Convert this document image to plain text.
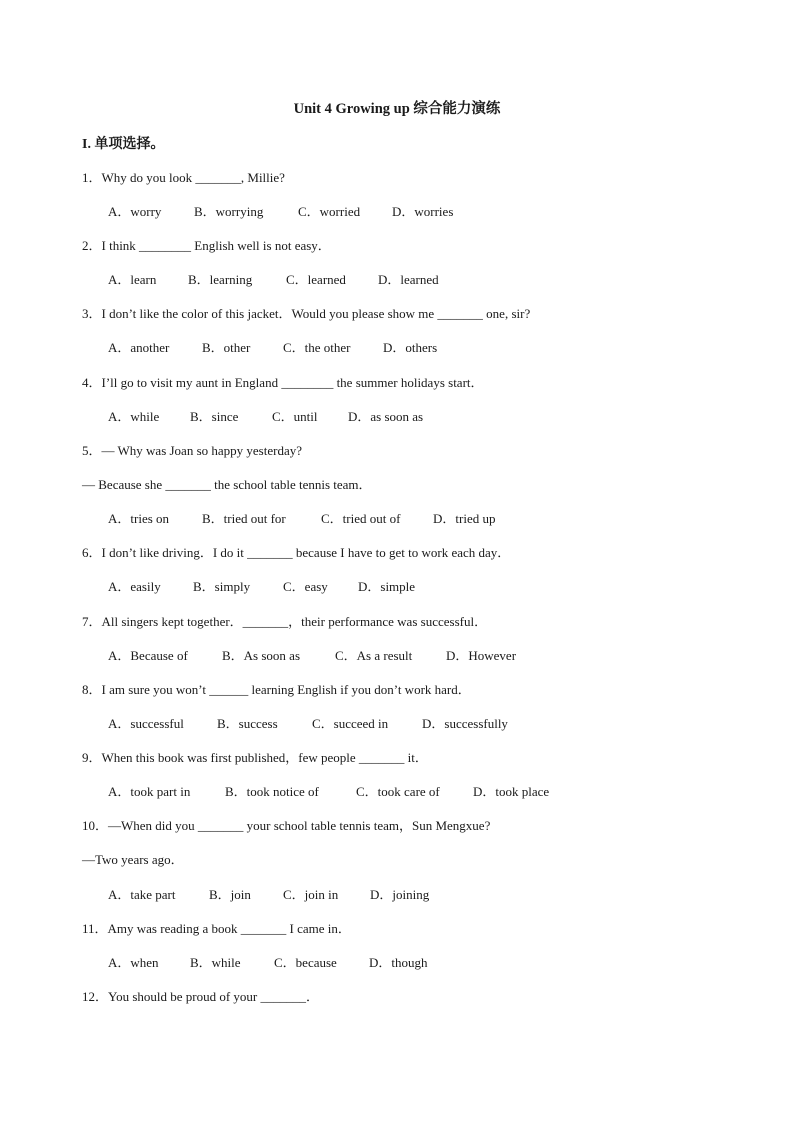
Unit 4 Growing up 综合能力演练
I. 单项选择。
1．Why do you look _______, Millie?
A．worry	B．worrying	C．worried	D．worries
2．I think ________ English well is not easy．
A．learn	B．learning	C．learned	D．learned
3．I don’t like the color of this jacket．Would you please show me _______ one, sir?
A．another	B．other	C．the other	D．others
4．I’ll go to visit my aunt in England ________ the summer holidays start．
A．while	B．since	C．until	D．as soon as
5．— Why was Joan so happy yesterday?
— Because she _______ the school table tennis team．
A．tries on	B．tried out for	C．tried out of	D．tried up
6．I don’t like driving．I do it _______ because I have to get to work each day．
A．easily	B．simply	C．easy	D．simple
7．All singers kept together．_______，their performance was successful．
A．Because of	B．As soon as	C．As a result	D．However
8．I am sure you won’t ______ learning English if you don’t work hard．
A．successful	B．success	C．succeed in	D．successfully
9．When this book was first published，few people _______ it．
A．took part in	B．took notice of	C．took care of	D．took place
10．—When did you _______ your school table tennis team，Sun Mengxue?
—Two years ago．
A．take part	B．join	C．join in	D．joining
11．Amy was reading a book _______ I came in．
A．when	B．while	C．because	D．though
12．You should be proud of your _______．
